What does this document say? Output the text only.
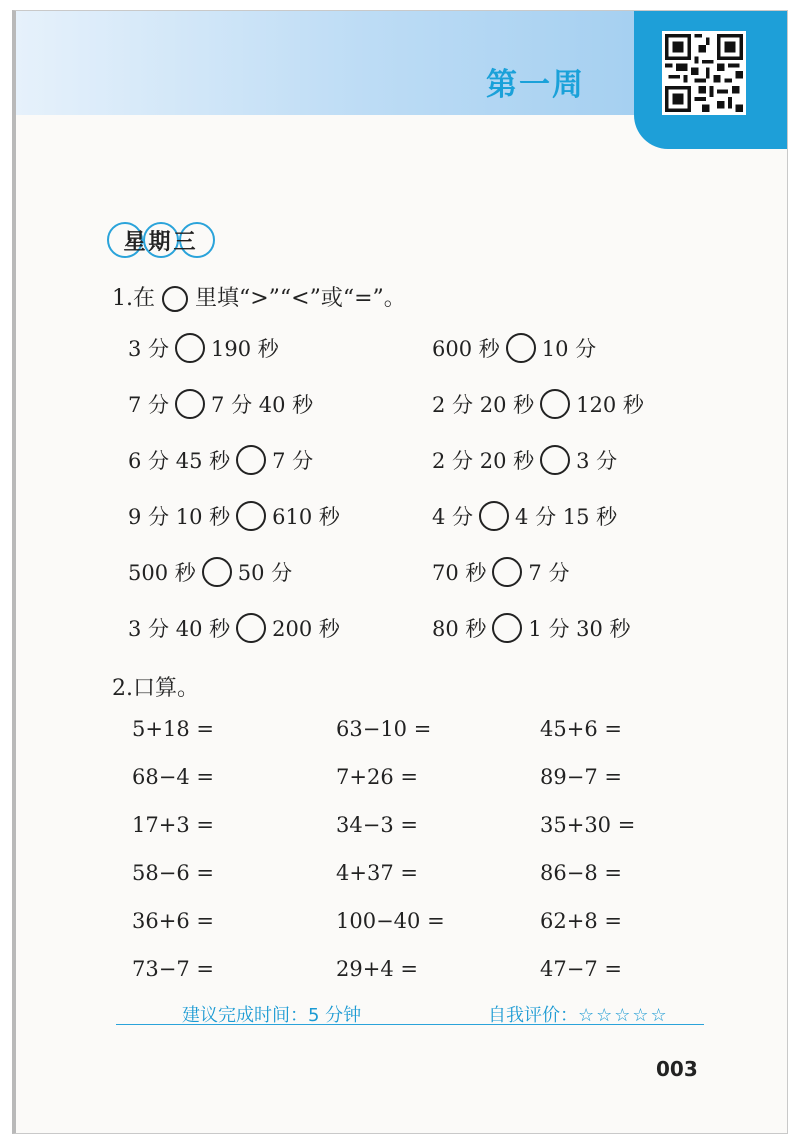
第一周
星期三
1.在 里填“>”“<”或“=”。
3 分 190 秒	600 秒 10 分
7 分 7 分 40 秒	2 分 20 秒 120 秒
6 分 45 秒 7 分	2 分 20 秒 3 分
9 分 10 秒 610 秒	4 分 4 分 15 秒
500 秒 50 分	70 秒 7 分
3 分 40 秒 200 秒	80 秒 1 分 30 秒
2.口算。
5+18 =	63−10 =	45+6 =
68−4 =	7+26 =	89−7 =
17+3 =	34−3 =	35+30 =
58−6 =	4+37 =	86−8 =
36+6 =	100−40 =	62+8 =
73−7 =	29+4 =	47−7 =
建议完成时间：5 分钟	自我评价：☆☆☆☆☆
003
